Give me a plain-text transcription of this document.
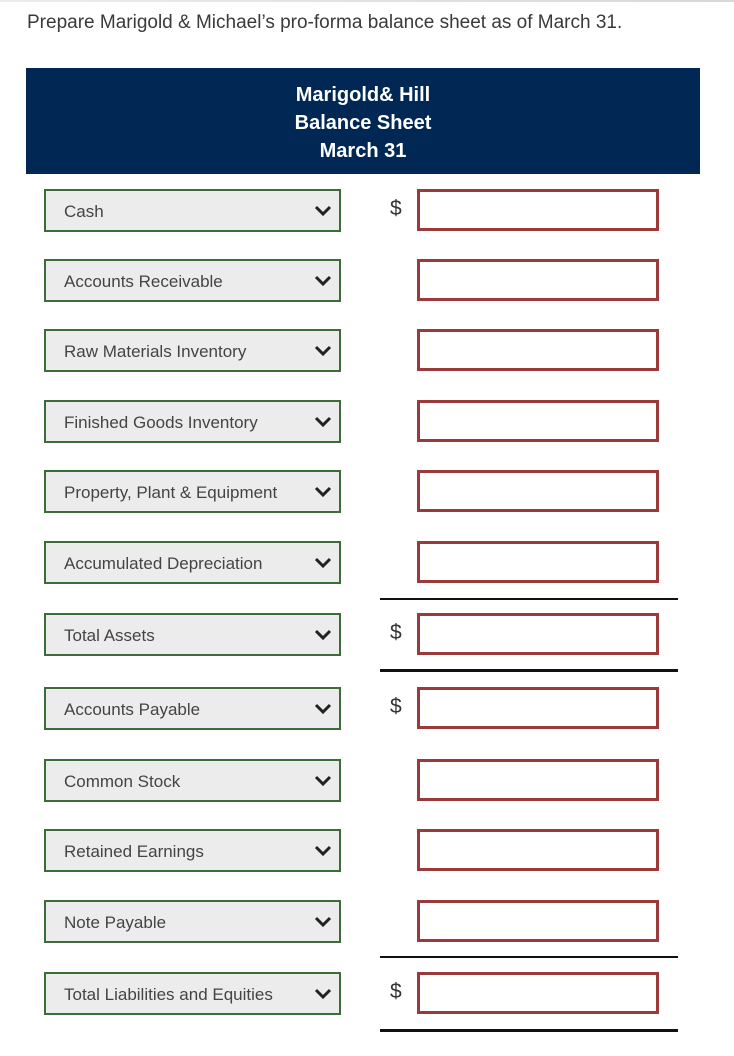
Prepare Marigold & Michael’s pro-forma balance sheet as of March 31.
Marigold& Hill
Balance Sheet
March 31
Cash	$
Accounts Receivable
Raw Materials Inventory
Finished Goods Inventory
Property, Plant & Equipment
Accumulated Depreciation
Total Assets	$
Accounts Payable	$
Common Stock
Retained Earnings
Note Payable
Total Liabilities and Equities	$
